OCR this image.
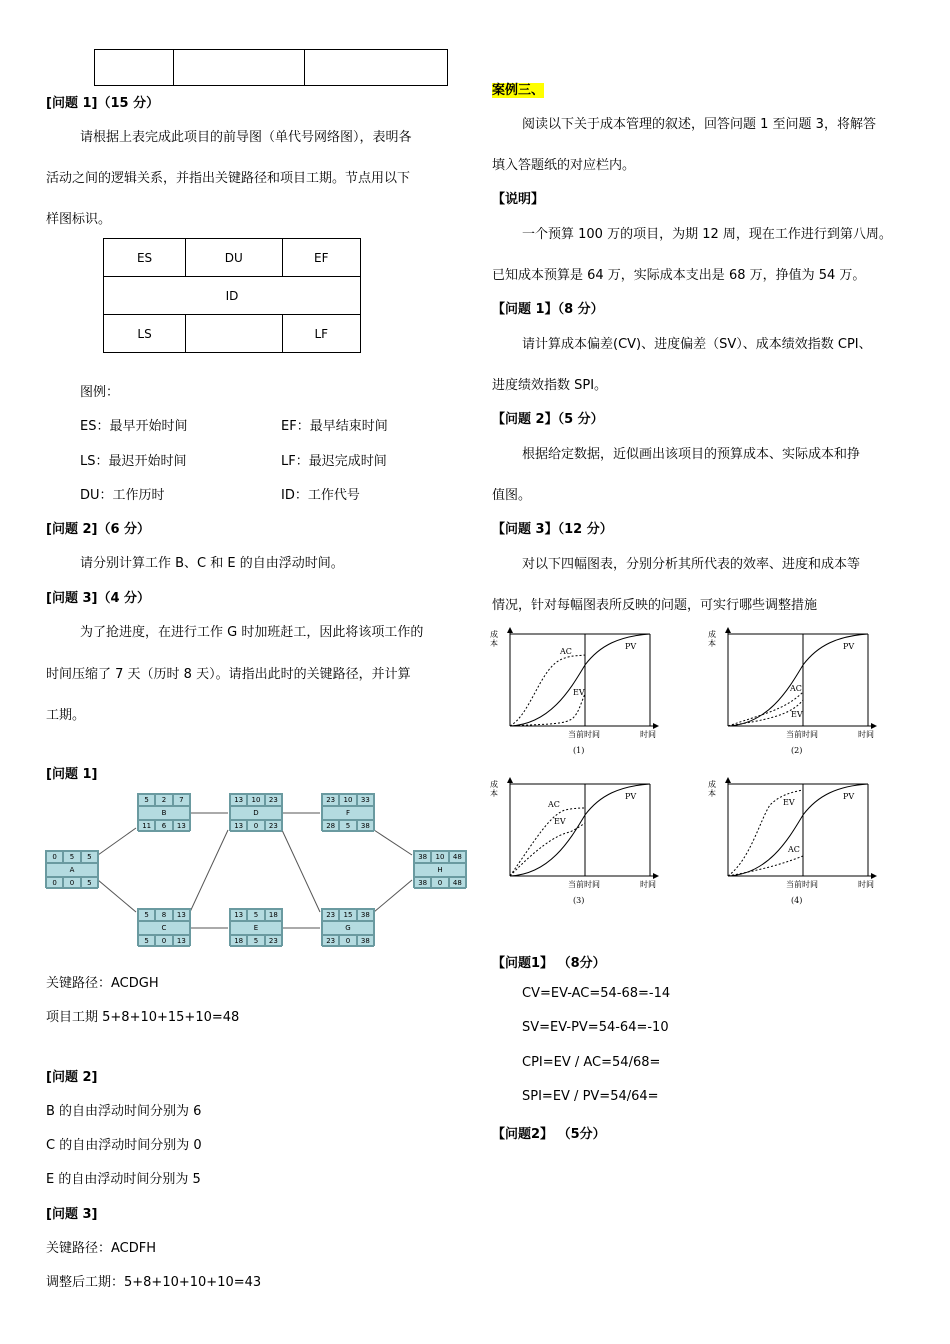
[问题 1]（15 分）
请根据上表完成此项目的前导图（单代号网络图），表明各
活动之间的逻辑关系，并指出关键路径和项目工期。节点用以下
样图标识。
ES	DU	EF
ID		
LS		LF
图例：
ES：最早开始时间	EF：最早结束时间
LS：最迟开始时间	LF：最迟完成时间
DU：工作历时	ID：工作代号
[问题 2]（6 分）
请分别计算工作 B、C 和 E 的自由浮动时间。
[问题 3]（4 分）
为了抢进度，在进行工作 G 时加班赶工，因此将该项工作的
时间压缩了 7 天（历时 8 天）。请指出此时的关键路径，并计算
工期。
[问题 1]
0	5	5
A
0	0	5
5	2	7
B
11	6	13
5	8	13
C
5	0	13
13	10	23
D
13	0	23
13	5	18
E
18	5	23
23	10	33
F
28	5	38
23	15	38
G
23	0	38
38	10	48
H
38	0	48
关键路径：ACDGH
项目工期 5+8+10+15+10=48
[问题 2]
B 的自由浮动时间分别为 6
C 的自由浮动时间分别为 0
E 的自由浮动时间分别为 5
[问题 3]
关键路径：ACDFH
调整后工期：5+8+10+10+10=43
案例三、
阅读以下关于成本管理的叙述，回答问题 1 至问题 3，将解答
填入答题纸的对应栏内。
【说明】
一个预算 100 万的项目，为期 12 周，现在工作进行到第八周。
已知成本预算是 64 万，实际成本支出是 68 万，挣值为 54 万。
【问题 1】（8 分）
请计算成本偏差(CV)、进度偏差（SV）、成本绩效指数 CPI、
进度绩效指数 SPI。
【问题 2】（5 分）
根据给定数据，近似画出该项目的预算成本、实际成本和挣
值图。
【问题 3】（12 分）
对以下四幅图表，分别分析其所代表的效率、进度和成本等
情况，针对每幅图表所反映的问题，可实行哪些调整措施
成本
成本
成本
成本
AC
PV
EV
PV
AC
EV
AC
PV
EV
EV
PV
AC
当前时间	时间	当前时间	时间
当前时间	时间	当前时间	时间
(1)	(2)
(3)	(4)
【问题1】 （8分）
CV=EV-AC=54-68=-14
SV=EV-PV=54-64=-10
CPI=EV / AC=54/68=
SPI=EV / PV=54/64=
【问题2】 （5分）
